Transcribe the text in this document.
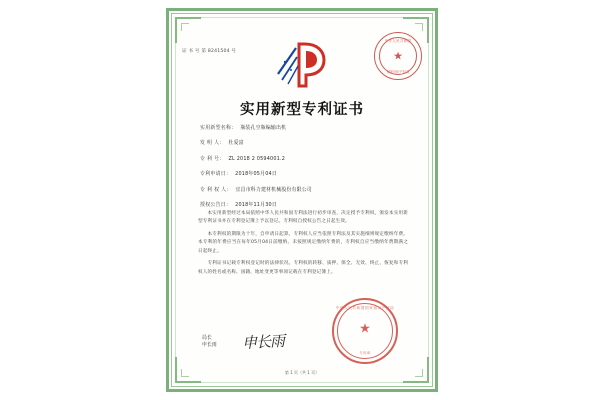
证 书 号 第 8241504 号
中华人民共和国
★
国家知识产权局
实用新型专利证书
实用新型名称： 瓶装孔空瓶编输出机
发 明 人： 杜爱富
专 利 号： ZL 2018 2 0594001.2
专利申请日： 2018年05月04日
专 利 权 人： 宜昌市科力建材机械股份有限公司
授权公告日： 2018年11月30日

本实用新型经过本局依照中华人民共和国专利法进行初步审查，决定授予专利权，颁发本实用新型专利证书并在专利登记簿上予以登记。专利权自授权公告之日起生效。

本专利权的期限为十年，自申请日起算。专利权人应当依照专利法及其实施细则规定缴纳年费。本专利的年费应当在每年05月04日前缴纳。未按照规定缴纳年费的，专利权自应当缴纳年费期满之日起终止。

专利证书记载专利权登记时的法律状况。专利权的转移、质押、保全、无效、终止、恢复和专利权人的姓名或名称、国籍、地址变更等事项记载在专利登记簿上。

局长
申长雨 申长雨
中华人民共和国国家知识产权局
★
专用章
第 1 页（共 1 页）
